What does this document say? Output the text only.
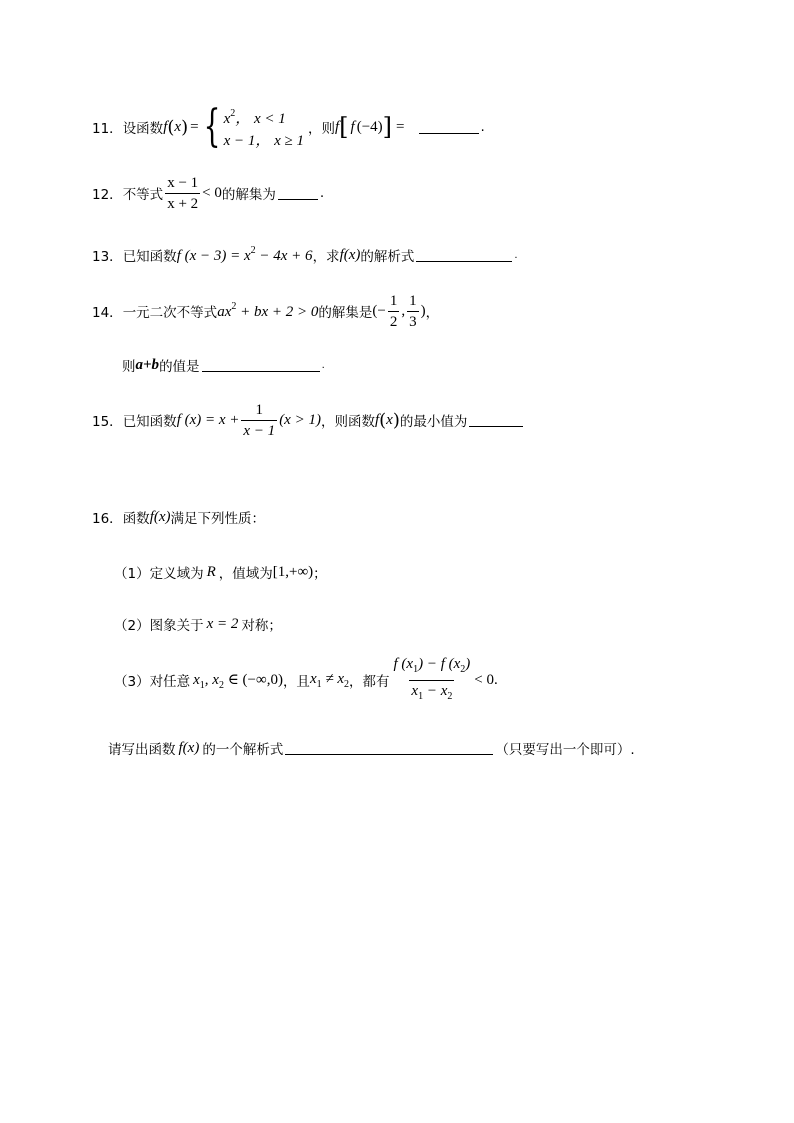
11． 设函数 f ( x ) = { $x^2$， x < 1
x − 1， x ≥ 1
，则 f [ f (−4) ] =	.
12． 不等式 $\frac{x - 1}{x + 2} < 0$ 的解集为	.
13． 已知函数 f $(x - 3) = x^2 - 4x + 6$ ，求 f(x) 的解析式	.
14． 一元二次不等式 $ax^2$ + bx + 2 > 0 的解集是 (− $\frac{1}{2}$ , $\frac{1}{3}$ ) ，
则 a+b 的值是	.
15． 已知函数 f $(x) = x + \frac{1}{x - 1} (x > 1)$ ，则函数 f ( x ) 的最小值为
16． 函数 f(x) 满足下列性质：
（1）定义域为 R ，值域为 [1,+∞) ；
（2）图象关于 x = 2 对称；
（3）对任意 $x_1$, $x_2$ ∈ (−∞,0) ，且 $x_1 \ne x_2$ ，都有 $\frac{f (x_1) - f (x_2)}{x_1 - x_2} < 0$.
请写出函数 f(x) 的一个解析式	（只要写出一个即可）.
